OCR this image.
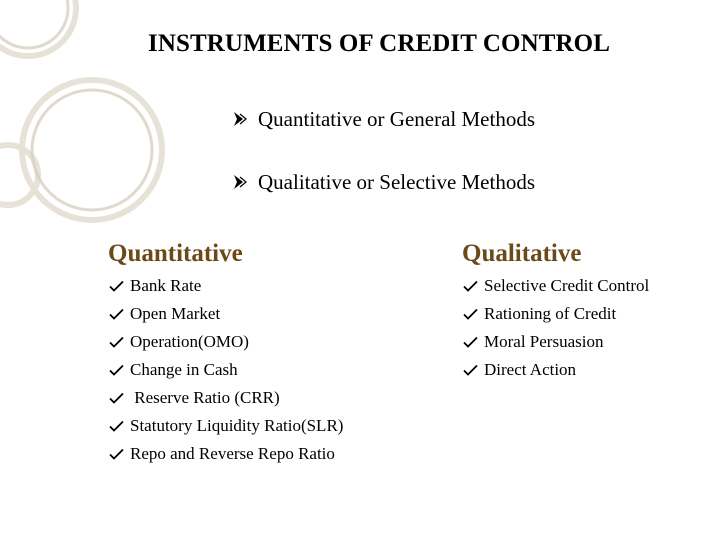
INSTRUMENTS OF CREDIT CONTROL
Quantitative or General Methods
Qualitative or Selective Methods
Quantitative
Bank Rate
Open Market
Operation(OMO)
Change in Cash
Reserve Ratio (CRR)
Statutory Liquidity Ratio(SLR)
Repo and Reverse Repo Ratio
Qualitative
Selective Credit Control
Rationing of Credit
Moral Persuasion
Direct Action
